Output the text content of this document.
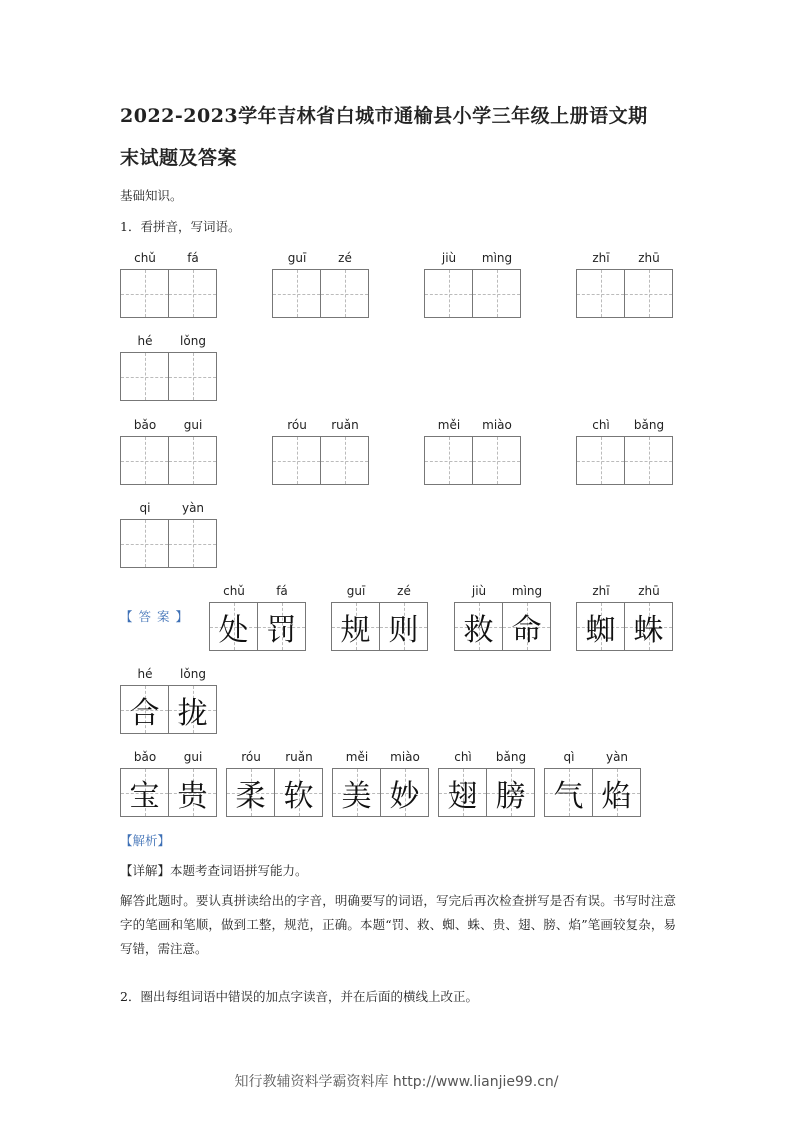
2022-2023学年吉林省白城市通榆县小学三年级上册语文期
末试题及答案

基础知识。

1．看拼音，写词语。

chǔ	fá	guī	zé	jiù	mìng	zhī	zhū
hé	lǒng
bǎo	gui	róu	ruǎn	měi	miào	chì	bǎng
qi	yàn

【答案】

chǔ	fá
处 罚
guī	zé
规 则
jiù	mìng
救 命
zhī	zhū
蜘 蛛
hé	lǒng
合 拢
bǎo	gui
宝 贵
róu	ruǎn
柔 软
měi	miào
美 妙
chì	bǎng
翅 膀
qì	yàn
气 焰

【解析】

【详解】本题考查词语拼写能力。

解答此题时。要认真拼读给出的字音，明确要写的词语，写完后再次检查拼写是否有误。书写时注意字的笔画和笔顺，做到工整，规范，正确。本题“罚、救、蜘、蛛、贵、翅、膀、焰”笔画较复杂，易写错，需注意。

2．圈出每组词语中错误的加点字读音，并在后面的横线上改正。

知行教辅资料学霸资料库 http://www.lianjie99.cn/
